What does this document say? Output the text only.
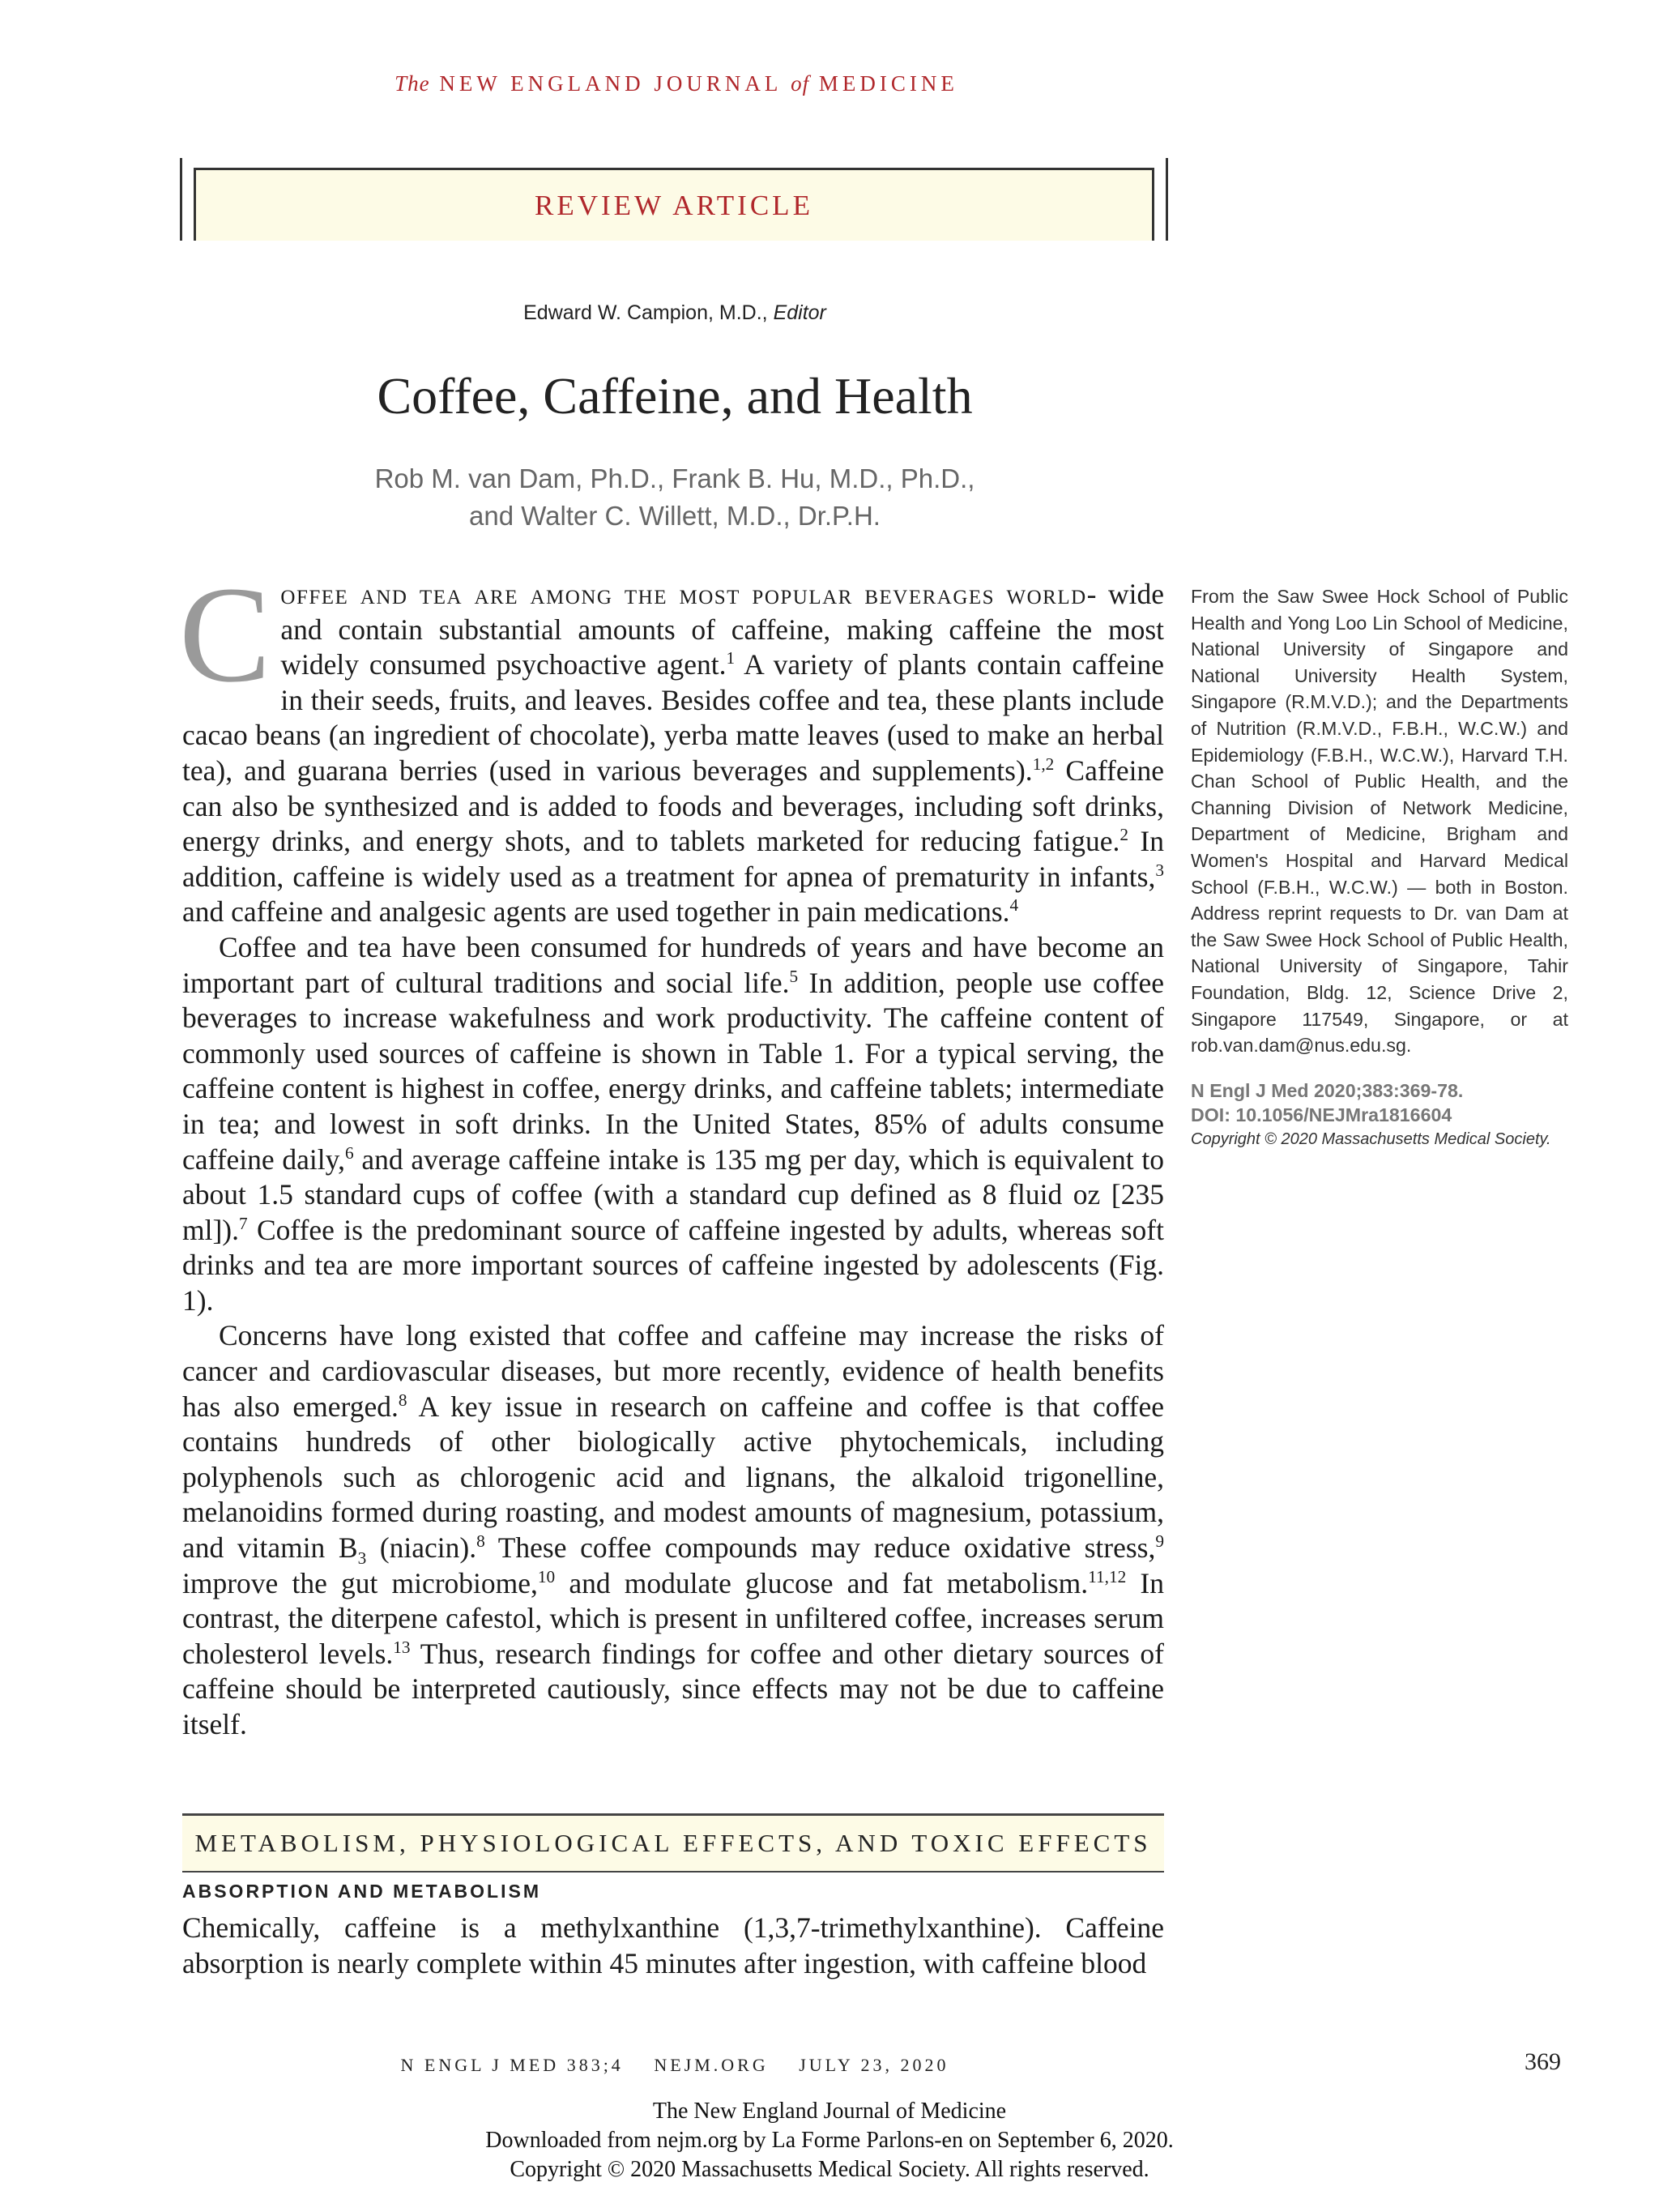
The NEW ENGLAND JOURNAL of MEDICINE
REVIEW ARTICLE
Edward W. Campion, M.D., Editor
Coffee, Caffeine, and Health
Rob M. van Dam, Ph.D., Frank B. Hu, M.D., Ph.D.,
and Walter C. Willett, M.D., Dr.P.H.

Coffee and tea are among the most popular beverages world- wide and contain substantial amounts of caffeine, making caffeine the most widely consumed psychoactive agent.$^1$ A variety of plants contain caffeine in their seeds, fruits, and leaves. Besides coffee and tea, these plants include cacao beans (an ingredient of chocolate), yerba matte leaves (used to make an herbal tea), and guarana berries (used in various beverages and supplements).$^{1,2}$ Caffeine can also be synthesized and is added to foods and beverages, including soft drinks, energy drinks, and energy shots, and to tablets marketed for reducing fatigue.$^2$ In addition, caffeine is widely used as a treatment for apnea of prematurity in infants,$^3$ and caffeine and analgesic agents are used together in pain medications.$^4$

Coffee and tea have been consumed for hundreds of years and have become an important part of cultural traditions and social life.$^5$ In addition, people use coffee beverages to increase wakefulness and work productivity. The caffeine content of commonly used sources of caffeine is shown in Table 1. For a typical serving, the caffeine content is highest in coffee, energy drinks, and caffeine tablets; intermediate in tea; and lowest in soft drinks. In the United States, 85% of adults consume caffeine daily,$^6$ and average caffeine intake is 135 mg per day, which is equivalent to about 1.5 standard cups of coffee (with a standard cup defined as 8 fluid oz [235 ml]).$^7$ Coffee is the predominant source of caffeine ingested by adults, whereas soft drinks and tea are more important sources of caffeine ingested by adolescents (Fig. 1).

Concerns have long existed that coffee and caffeine may increase the risks of cancer and cardiovascular diseases, but more recently, evidence of health benefits has also emerged.$^8$ A key issue in research on caffeine and coffee is that coffee contains hundreds of other biologically active phytochemicals, including polyphenols such as chlorogenic acid and lignans, the alkaloid trigonelline, melanoidins formed during roasting, and modest amounts of magnesium, potassium, and vitamin $B_3$ (niacin).$^8$ These coffee compounds may reduce oxidative stress,$^9$ improve the gut microbiome,$^{10}$ and modulate glucose and fat metabolism.$^{11,12}$ In contrast, the diterpene cafestol, which is present in unfiltered coffee, increases serum cholesterol levels.$^{13}$ Thus, research findings for coffee and other dietary sources of caffeine should be interpreted cautiously, since effects may not be due to caffeine itself.

From the Saw Swee Hock School of Public Health and Yong Loo Lin School of Medicine, National University of Singapore and National University Health System, Singapore (R.M.V.D.); and the Departments of Nutrition (R.M.V.D., F.B.H., W.C.W.) and Epidemiology (F.B.H., W.C.W.), Harvard T.H. Chan School of Public Health, and the Channing Division of Network Medicine, Department of Medicine, Brigham and Women's Hospital and Harvard Medical School (F.B.H., W.C.W.) — both in Boston. Address reprint requests to Dr. van Dam at the Saw Swee Hock School of Public Health, National University of Singapore, Tahir Foundation, Bldg. 12, Science Drive 2, Singapore 117549, Singapore, or at rob.van.dam@nus.edu.sg.
N Engl J Med 2020;383:369-78.
DOI: 10.1056/NEJMra1816604
Copyright © 2020 Massachusetts Medical Society.
METABOLISM, PHYSIOLOGICAL EFFECTS, AND TOXIC EFFECTS
ABSORPTION AND METABOLISM

Chemically, caffeine is a methylxanthine (1,3,7-trimethylxanthine). Caffeine absorption is nearly complete within 45 minutes after ingestion, with caffeine blood

N ENGL J MED 383;4 NEJM.ORG JULY 23, 2020	369
The New England Journal of Medicine
Downloaded from nejm.org by La Forme Parlons-en on September 6, 2020.
Copyright © 2020 Massachusetts Medical Society. All rights reserved.
